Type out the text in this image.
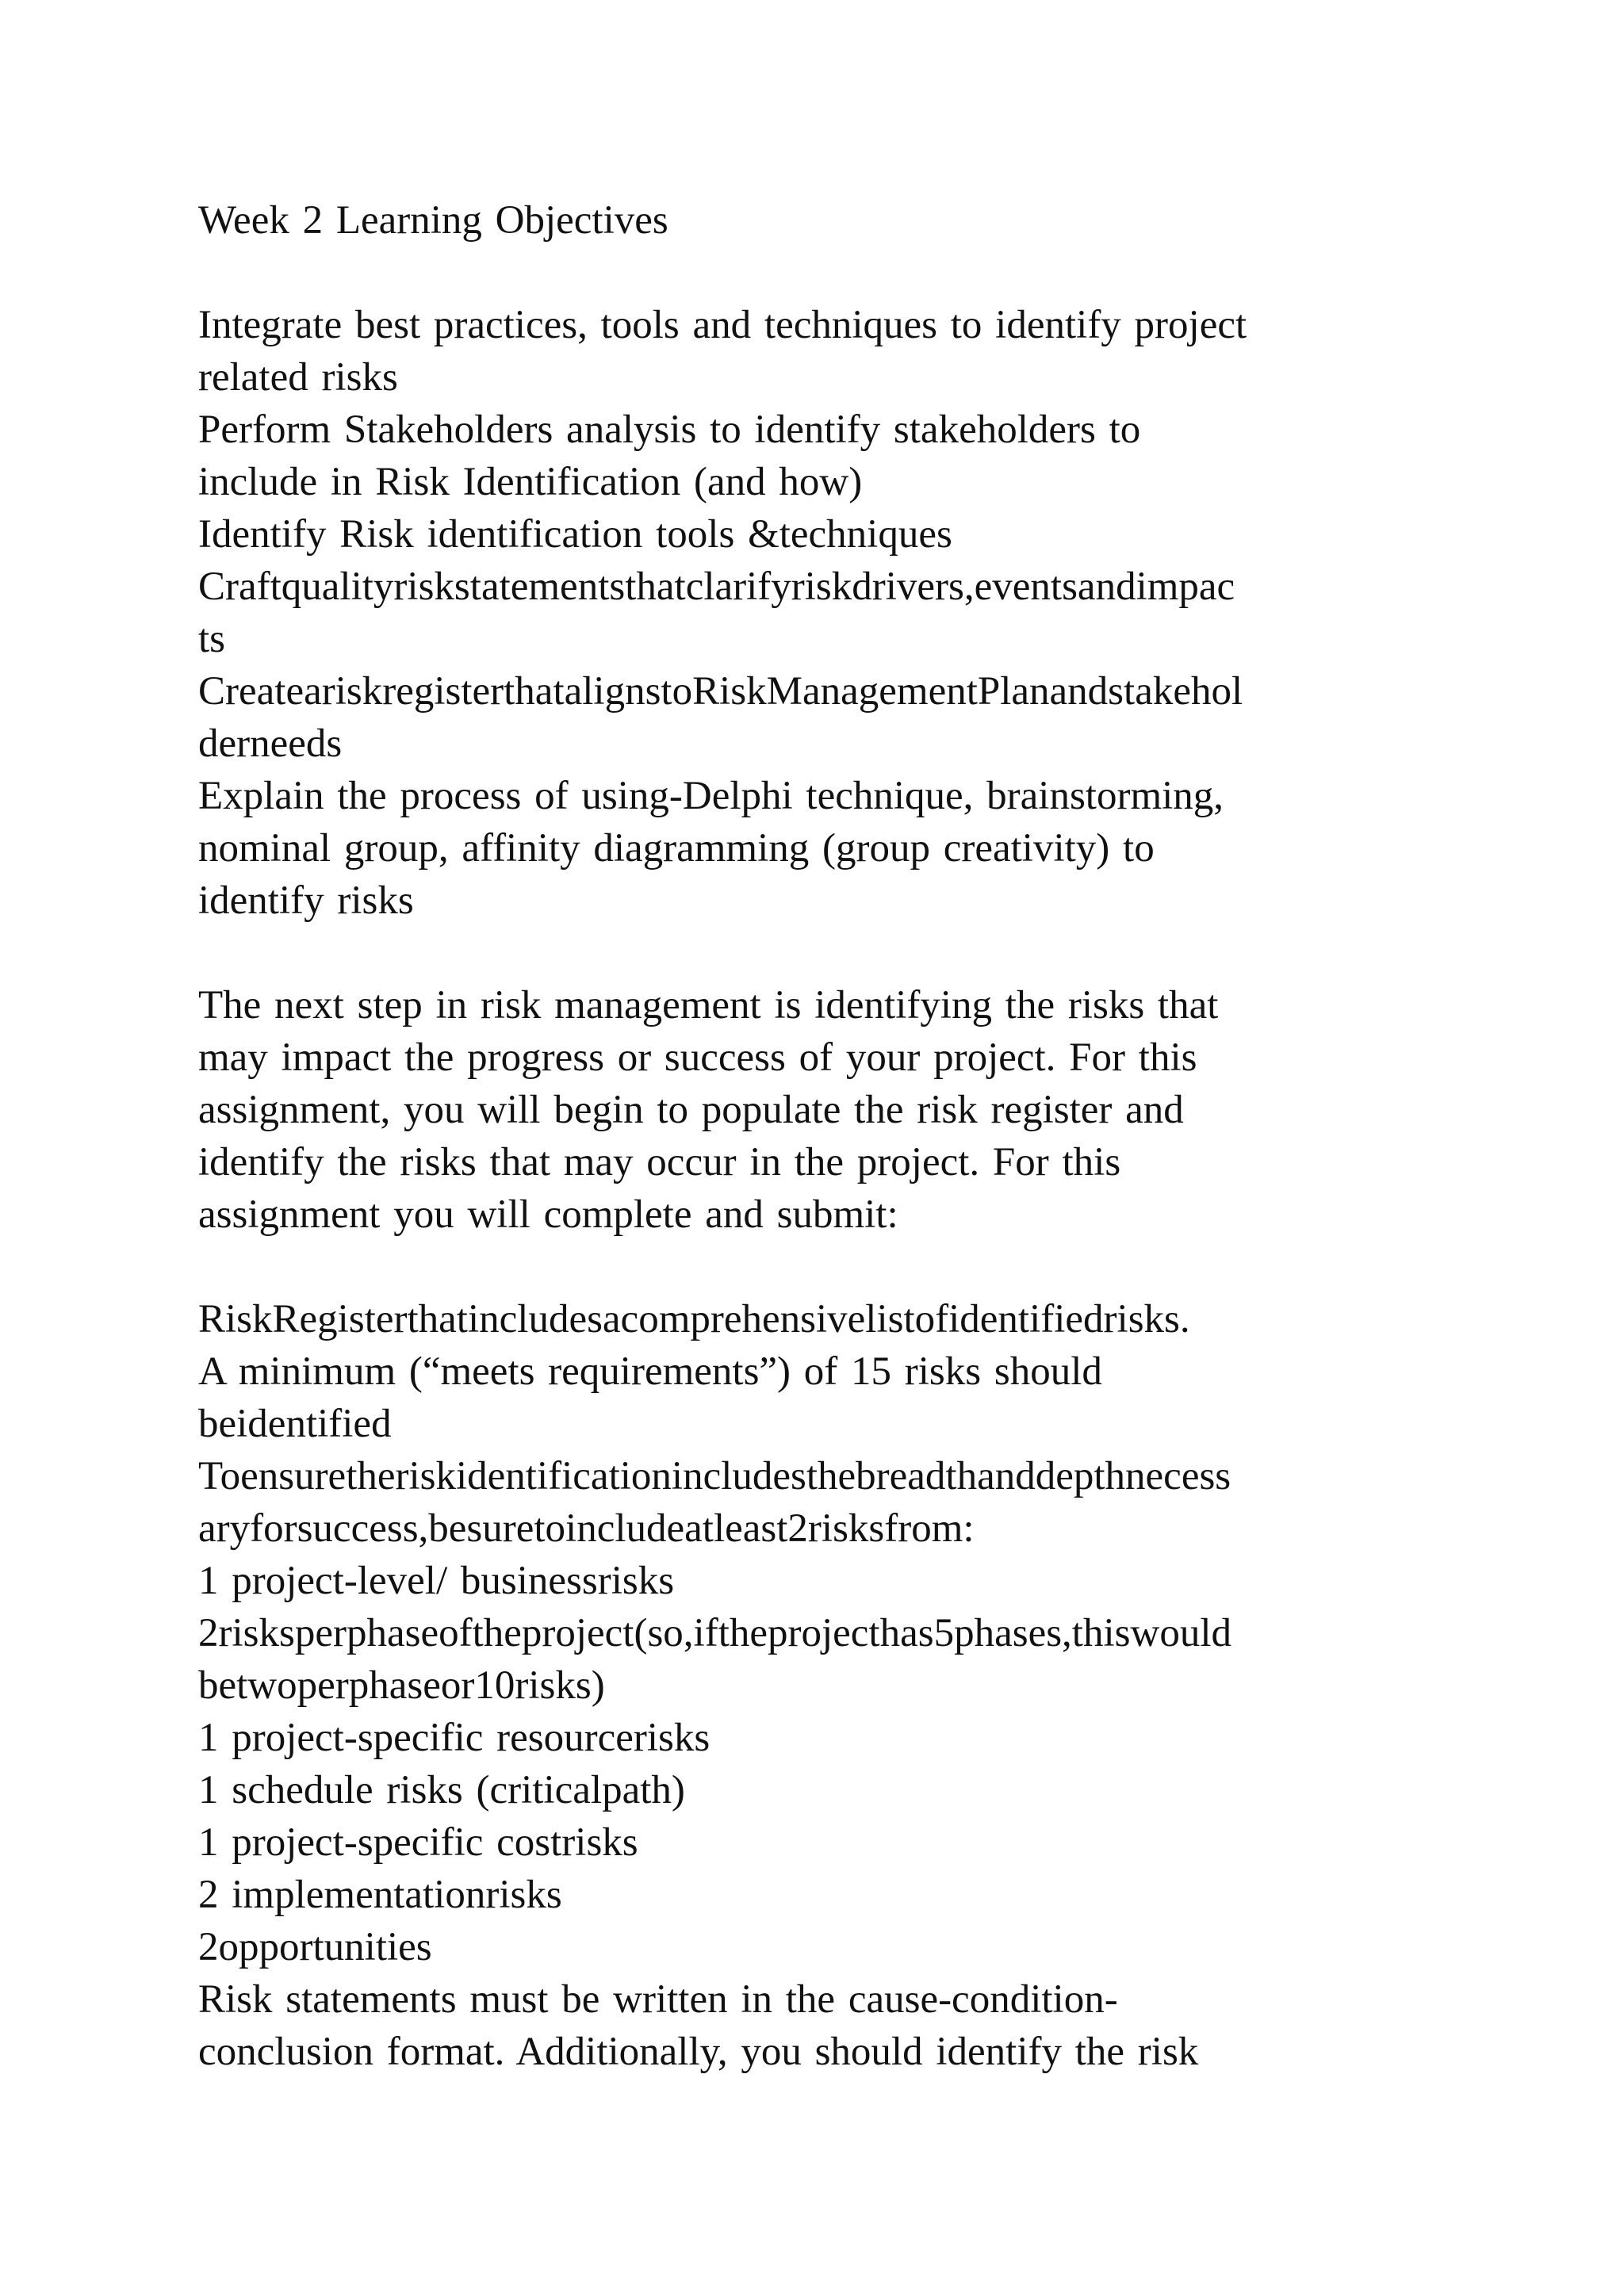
Week 2 Learning Objectives
Integrate best practices, tools and techniques to identify project
related risks
Perform Stakeholders analysis to identify stakeholders to
include in Risk Identification (and how)
Identify Risk identification tools &techniques
Craftqualityriskstatementsthatclarifyriskdrivers,eventsandimpac
ts
CreateariskregisterthatalignstoRiskManagementPlanandstakehol
derneeds
Explain the process of using-Delphi technique, brainstorming,
nominal group, affinity diagramming (group creativity) to
identify risks
The next step in risk management is identifying the risks that
may impact the progress or success of your project. For this
assignment, you will begin to populate the risk register and
identify the risks that may occur in the project. For this
assignment you will complete and submit:
RiskRegisterthatincludesacomprehensivelistofidentifiedrisks.
A minimum (“meets requirements”) of 15 risks should
beidentified
Toensuretheriskidentificationincludesthebreadthanddepthnecess
aryforsuccess,besuretoincludeatleast2risksfrom:
1 project-level/ businessrisks
2risksperphaseoftheproject(so,iftheprojecthas5phases,thiswould
betwoperphaseor10risks)
1 project-specific resourcerisks
1 schedule risks (criticalpath)
1 project-specific costrisks
2 implementationrisks
2opportunities
Risk statements must be written in the cause-condition-
conclusion format. Additionally, you should identify the risk
